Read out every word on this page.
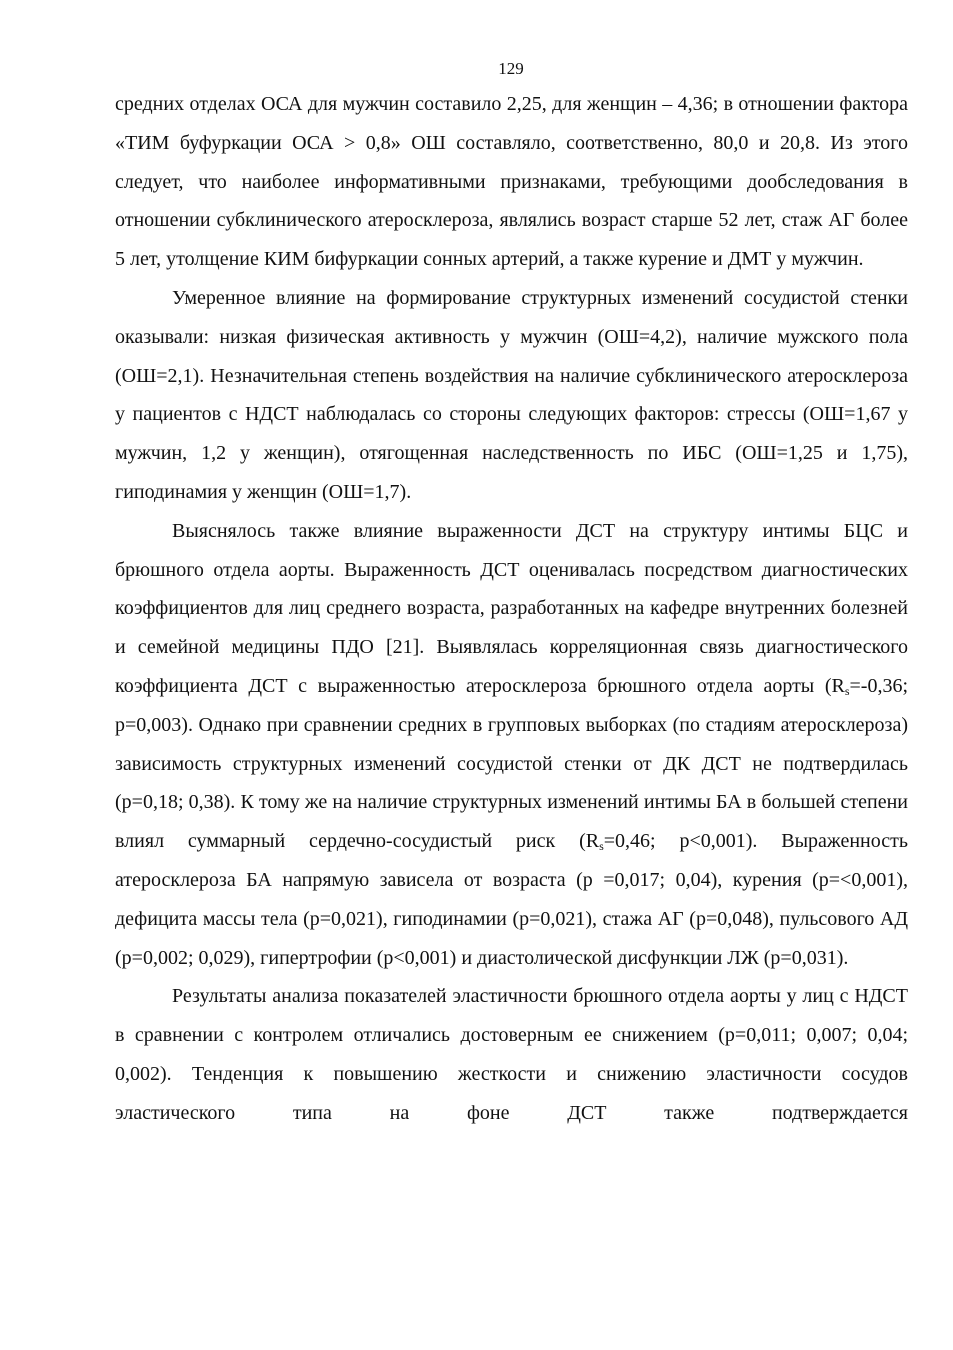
129

средних отделах ОСА для мужчин составило 2,25, для женщин – 4,36; в отношении фактора «ТИМ буфуркации ОСА > 0,8» ОШ составляло, соответственно, 80,0 и 20,8. Из этого следует, что наиболее информативными признаками, требующими дообследования в отношении субклинического атеросклероза, являлись возраст старше 52 лет, стаж АГ более 5 лет, утолщение КИМ бифуркации сонных артерий, а также курение и ДМТ у мужчин.

Умеренное влияние на формирование структурных изменений сосудистой стенки оказывали: низкая физическая активность у мужчин (ОШ=4,2), наличие мужского пола (ОШ=2,1). Незначительная степень воздействия на наличие субклинического атеросклероза у пациентов с НДСТ наблюдалась со стороны следующих факторов: стрессы (ОШ=1,67 у мужчин, 1,2 у женщин), отягощенная наследственность по ИБС (ОШ=1,25 и 1,75), гиподинамия у женщин (ОШ=1,7).

Выяснялось также влияние выраженности ДСТ на структуру интимы БЦС и брюшного отдела аорты. Выраженность ДСТ оценивалась посредством диагностических коэффициентов для лиц среднего возраста, разработанных на кафедре внутренних болезней и семейной медицины ПДО [21]. Выявлялась корреляционная связь диагностического коэффициента ДСТ с выраженностью атеросклероза брюшного отдела аорты ($R_s=-0,36$; p=0,003). Однако при сравнении средних в групповых выборках (по стадиям атеросклероза) зависимость структурных изменений сосудистой стенки от ДК ДСТ не подтвердилась (p=0,18; 0,38). К тому же на наличие структурных изменений интимы БА в большей степени влиял суммарный сердечно-сосудистый риск ($R_s=0,46$; p<0,001). Выраженность атеросклероза БА напрямую зависела от возраста (p =0,017; 0,04), курения (p=<0,001), дефицита массы тела (p=0,021), гиподинамии (p=0,021), стажа АГ (p=0,048), пульсового АД (p=0,002; 0,029), гипертрофии (p<0,001) и диастолической дисфункции ЛЖ (p=0,031).

Результаты анализа показателей эластичности брюшного отдела аорты у лиц с НДСТ в сравнении с контролем отличались достоверным ее снижением (p=0,011; 0,007; 0,04; 0,002). Тенденция к повышению жесткости и снижению эластичности сосудов эластического типа на фоне ДСТ также подтверждается
